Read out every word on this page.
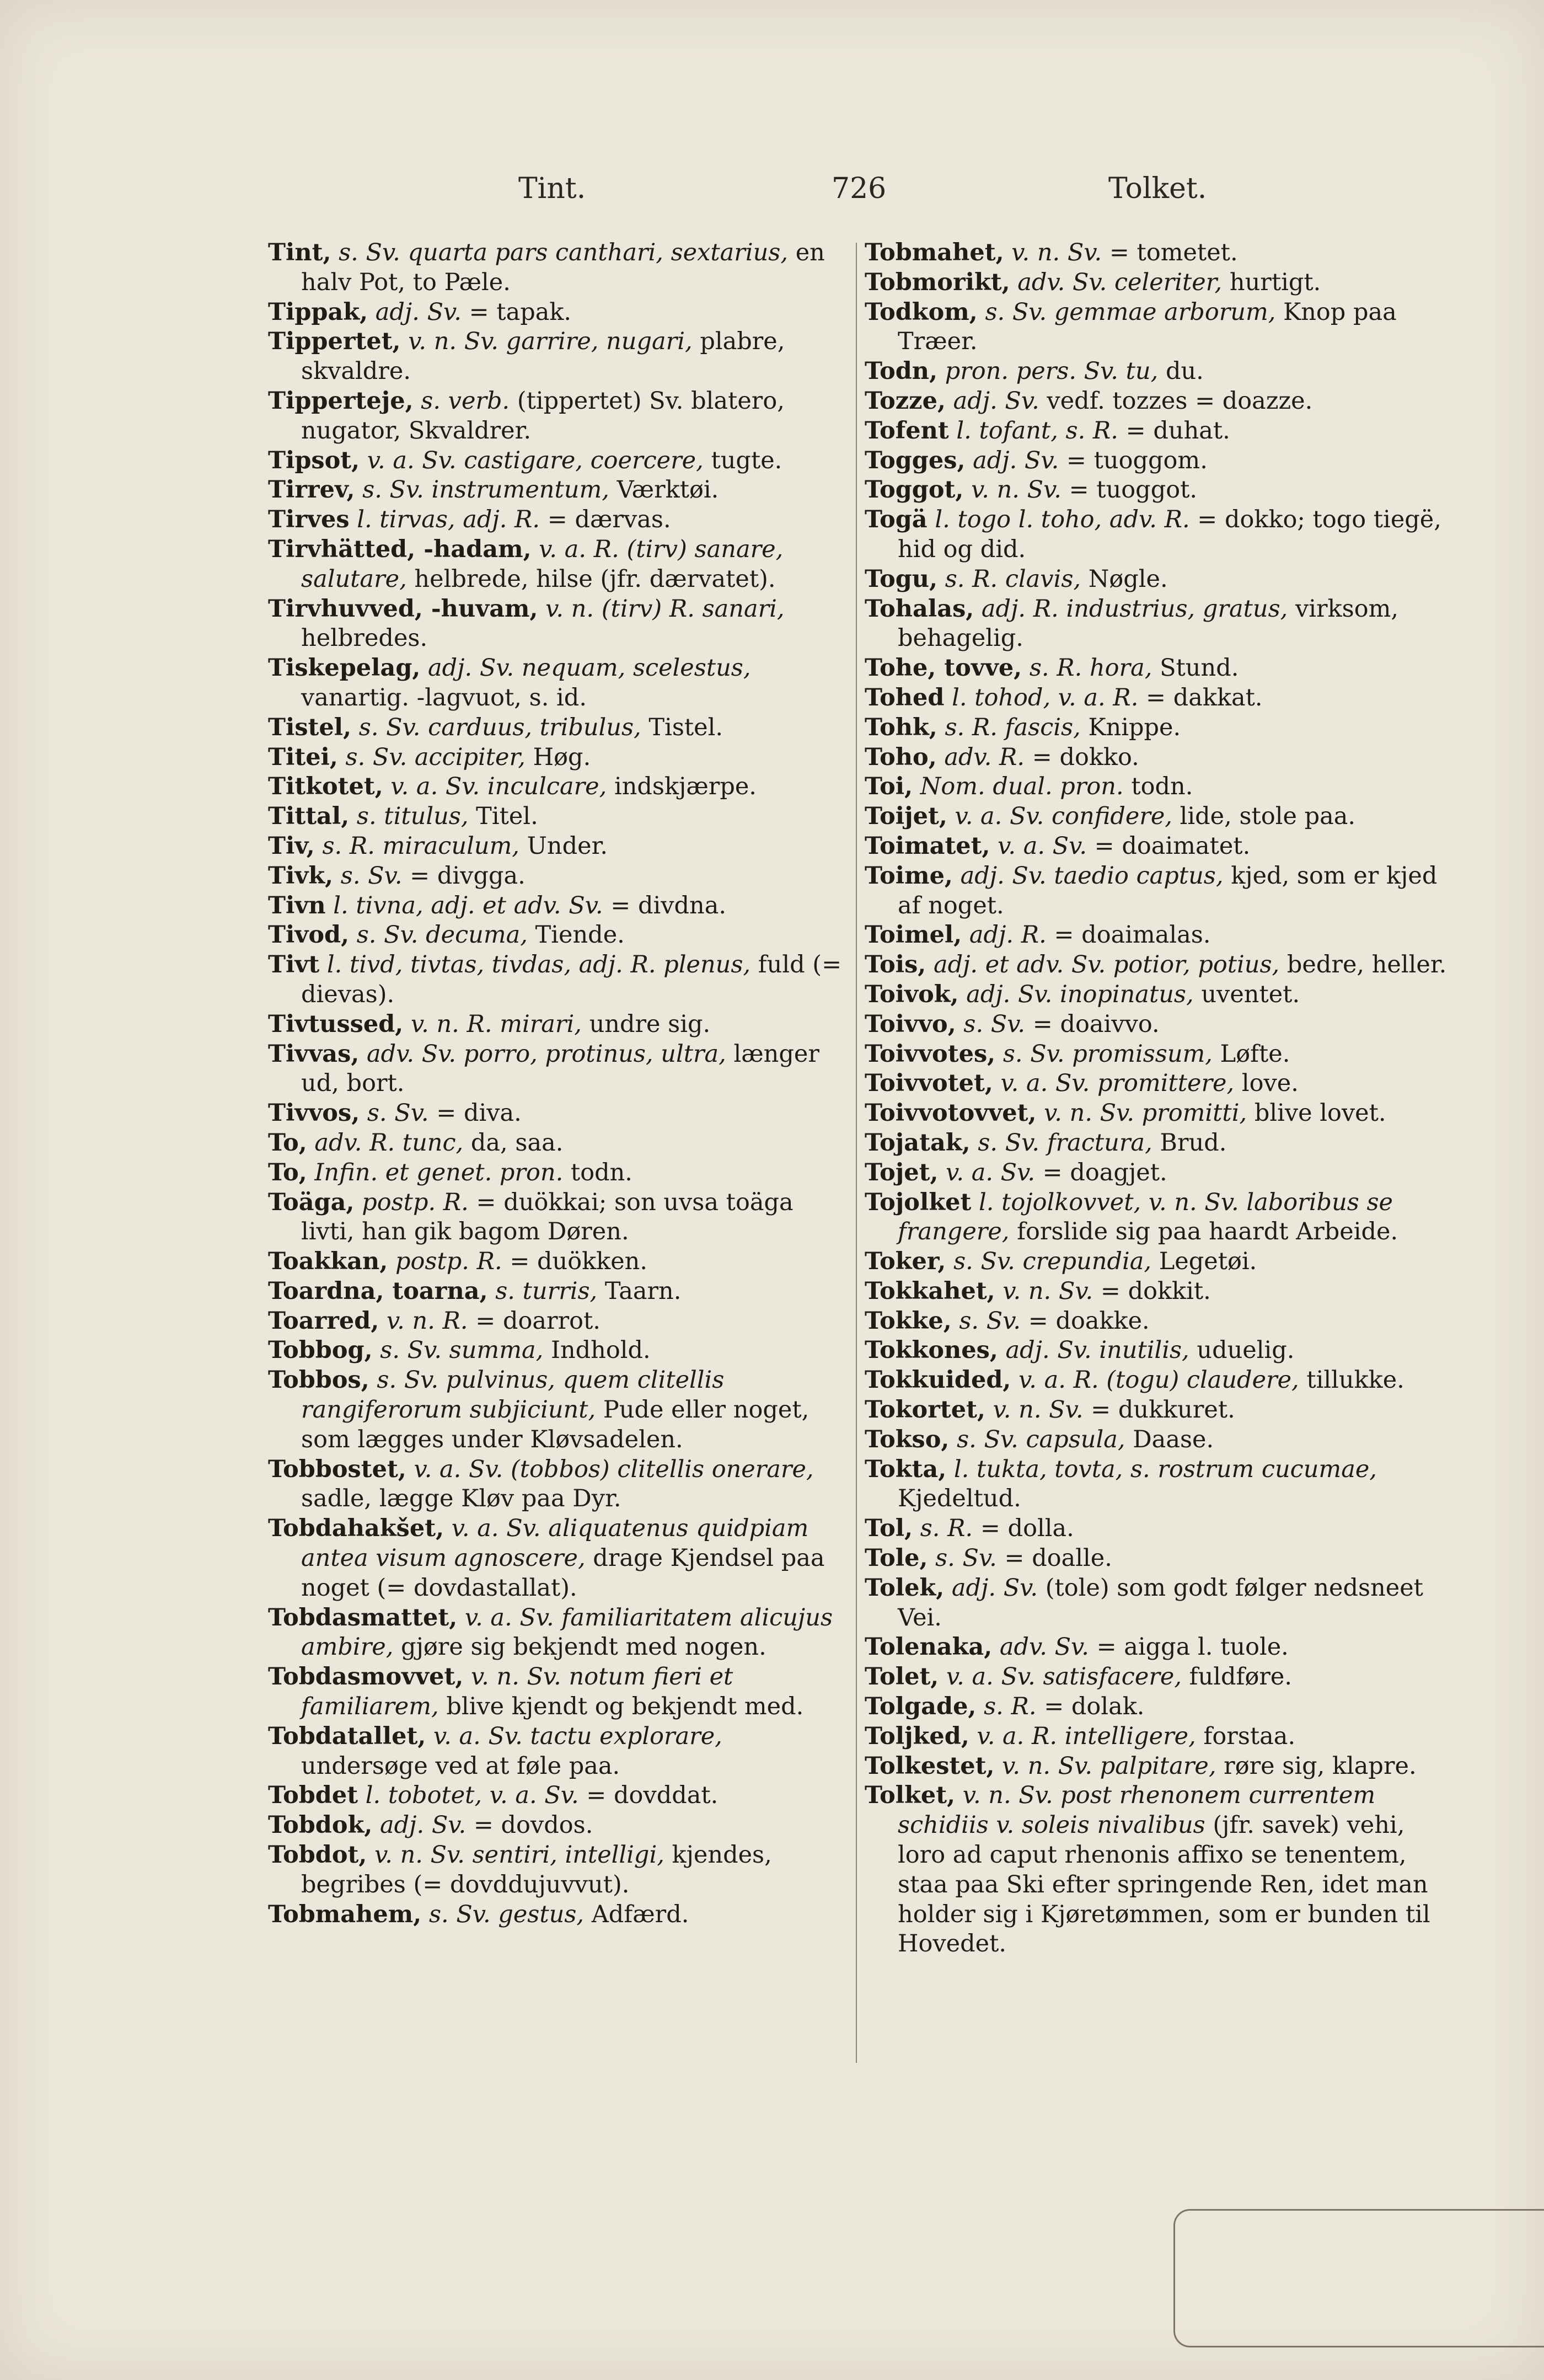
Tint.	726	Tolket.

Tint, s. Sv. quarta pars canthari, sextarius, en halv Pot, to Pæle.

Tippak, adj. Sv. = tapak.

Tippertet, v. n. Sv. garrire, nugari, plabre, skvaldre.

Tipperteje, s. verb. (tippertet) Sv. blatero, nugator, Skvaldrer.

Tipsot, v. a. Sv. castigare, coercere, tugte.

Tirrev, s. Sv. instrumentum, Værktøi.

Tirves l. tirvas, adj. R. = dærvas.

Tirvhätted, -hadam, v. a. R. (tirv) sanare, salutare, helbrede, hilse (jfr. dærvatet).

Tirvhuvved, -huvam, v. n. (tirv) R. sanari, helbredes.

Tiskepelag, adj. Sv. nequam, scelestus, vanartig. -lagvuot, s. id.

Tistel, s. Sv. carduus, tribulus, Tistel.

Titei, s. Sv. accipiter, Høg.

Titkotet, v. a. Sv. inculcare, indskjærpe.

Tittal, s. titulus, Titel.

Tiv, s. R. miraculum, Under.

Tivk, s. Sv. = divgga.

Tivn l. tivna, adj. et adv. Sv. = divdna.

Tivod, s. Sv. decuma, Tiende.

Tivt l. tivd, tivtas, tivdas, adj. R. plenus, fuld (= dievas).

Tivtussed, v. n. R. mirari, undre sig.

Tivvas, adv. Sv. porro, protinus, ultra, længer ud, bort.

Tivvos, s. Sv. = diva.

To, adv. R. tunc, da, saa.

To, Infin. et genet. pron. todn.

Toäga, postp. R. = duökkai; son uvsa toäga livti, han gik bagom Døren.

Toakkan, postp. R. = duökken.

Toardna, toarna, s. turris, Taarn.

Toarred, v. n. R. = doarrot.

Tobbog, s. Sv. summa, Indhold.

Tobbos, s. Sv. pulvinus, quem clitellis rangiferorum subjiciunt, Pude eller noget, som lægges under Kløvsadelen.

Tobbostet, v. a. Sv. (tobbos) clitellis onerare, sadle, lægge Kløv paa Dyr.

Tobdahakšet, v. a. Sv. aliquatenus quidpiam antea visum agnoscere, drage Kjendsel paa noget (= dovdastallat).

Tobdasmattet, v. a. Sv. familiaritatem alicujus ambire, gjøre sig bekjendt med nogen.

Tobdasmovvet, v. n. Sv. notum fieri et familiarem, blive kjendt og bekjendt med.

Tobdatallet, v. a. Sv. tactu explorare, undersøge ved at føle paa.

Tobdet l. tobotet, v. a. Sv. = dovddat.

Tobdok, adj. Sv. = dovdos.

Tobdot, v. n. Sv. sentiri, intelligi, kjendes, begribes (= dovddujuvvut).

Tobmahem, s. Sv. gestus, Adfærd.

Tobmahet, v. n. Sv. = tometet.

Tobmorikt, adv. Sv. celeriter, hurtigt.

Todkom, s. Sv. gemmae arborum, Knop paa Træer.

Todn, pron. pers. Sv. tu, du.

Tozze, adj. Sv. vedf. tozzes = doazze.

Tofent l. tofant, s. R. = duhat.

Togges, adj. Sv. = tuoggom.

Toggot, v. n. Sv. = tuoggot.

Togä l. togo l. toho, adv. R. = dokko; togo tiegë, hid og did.

Togu, s. R. clavis, Nøgle.

Tohalas, adj. R. industrius, gratus, virksom, behagelig.

Tohe, tovve, s. R. hora, Stund.

Tohed l. tohod, v. a. R. = dakkat.

Tohk, s. R. fascis, Knippe.

Toho, adv. R. = dokko.

Toi, Nom. dual. pron. todn.

Toijet, v. a. Sv. confidere, lide, stole paa.

Toimatet, v. a. Sv. = doaimatet.

Toime, adj. Sv. taedio captus, kjed, som er kjed af noget.

Toimel, adj. R. = doaimalas.

Tois, adj. et adv. Sv. potior, potius, bedre, heller.

Toivok, adj. Sv. inopinatus, uventet.

Toivvo, s. Sv. = doaivvo.

Toivvotes, s. Sv. promissum, Løfte.

Toivvotet, v. a. Sv. promittere, love.

Toivvotovvet, v. n. Sv. promitti, blive lovet.

Tojatak, s. Sv. fractura, Brud.

Tojet, v. a. Sv. = doagjet.

Tojolket l. tojolkovvet, v. n. Sv. laboribus se frangere, forslide sig paa haardt Arbeide.

Toker, s. Sv. crepundia, Legetøi.

Tokkahet, v. n. Sv. = dokkit.

Tokke, s. Sv. = doakke.

Tokkones, adj. Sv. inutilis, uduelig.

Tokkuided, v. a. R. (togu) claudere, tillukke.

Tokortet, v. n. Sv. = dukkuret.

Tokso, s. Sv. capsula, Daase.

Tokta, l. tukta, tovta, s. rostrum cucumae, Kjedeltud.

Tol, s. R. = dolla.

Tole, s. Sv. = doalle.

Tolek, adj. Sv. (tole) som godt følger nedsneet Vei.

Tolenaka, adv. Sv. = aigga l. tuole.

Tolet, v. a. Sv. satisfacere, fuldføre.

Tolgade, s. R. = dolak.

Toljked, v. a. R. intelligere, forstaa.

Tolkestet, v. n. Sv. palpitare, røre sig, klapre.

Tolket, v. n. Sv. post rhenonem currentem schidiis v. soleis nivalibus (jfr. savek) vehi, loro ad caput rhenonis affixo se tenentem, staa paa Ski efter springende Ren, idet man holder sig i Kjøretømmen, som er bunden til Hovedet.
